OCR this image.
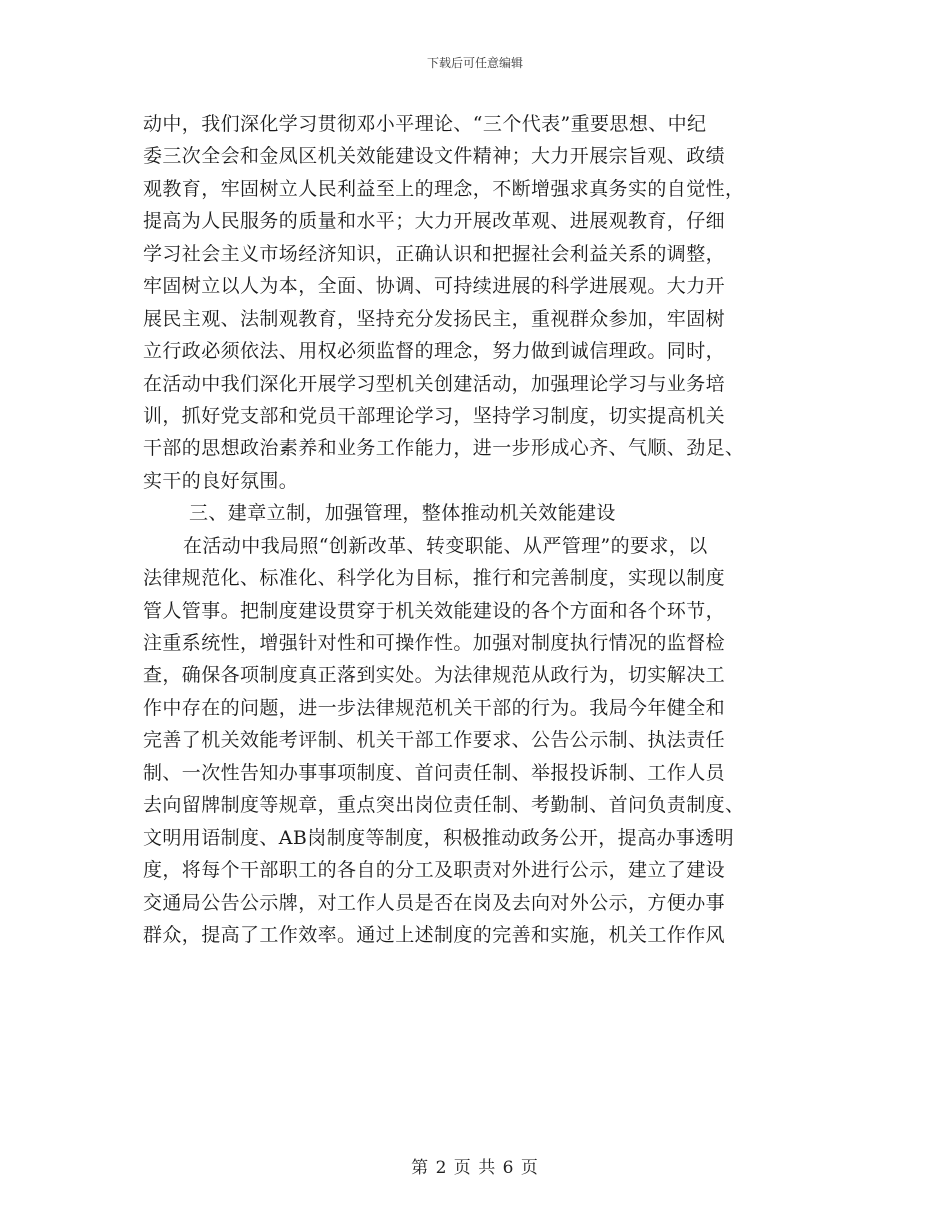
下载后可任意编辑
动中，我们深化学习贯彻邓小平理论、“三个代表”重要思想、中纪
委三次全会和金凤区机关效能建设文件精神；大力开展宗旨观、政绩
观教育，牢固树立人民利益至上的理念，不断增强求真务实的自觉性，
提高为人民服务的质量和水平；大力开展改革观、进展观教育，仔细
学习社会主义市场经济知识，正确认识和把握社会利益关系的调整，
牢固树立以人为本，全面、协调、可持续进展的科学进展观。大力开
展民主观、法制观教育，坚持充分发扬民主，重视群众参加，牢固树
立行政必须依法、用权必须监督的理念，努力做到诚信理政。同时，
在活动中我们深化开展学习型机关创建活动，加强理论学习与业务培
训，抓好党支部和党员干部理论学习，坚持学习制度，切实提高机关
干部的思想政治素养和业务工作能力，进一步形成心齐、气顺、劲足、
实干的良好氛围。
三、建章立制，加强管理，整体推动机关效能建设
在活动中我局照“创新改革、转变职能、从严管理”的要求，以
法律规范化、标准化、科学化为目标，推行和完善制度，实现以制度
管人管事。把制度建设贯穿于机关效能建设的各个方面和各个环节，
注重系统性，增强针对性和可操作性。加强对制度执行情况的监督检
查，确保各项制度真正落到实处。为法律规范从政行为，切实解决工
作中存在的问题，进一步法律规范机关干部的行为。我局今年健全和
完善了机关效能考评制、机关干部工作要求、公告公示制、执法责任
制、一次性告知办事事项制度、首问责任制、举报投诉制、工作人员
去向留牌制度等规章，重点突出岗位责任制、考勤制、首问负责制度、
文明用语制度、AB岗制度等制度，积极推动政务公开，提高办事透明
度，将每个干部职工的各自的分工及职责对外进行公示，建立了建设
交通局公告公示牌，对工作人员是否在岗及去向对外公示，方便办事
群众，提高了工作效率。通过上述制度的完善和实施，机关工作作风
第 2 页 共 6 页
